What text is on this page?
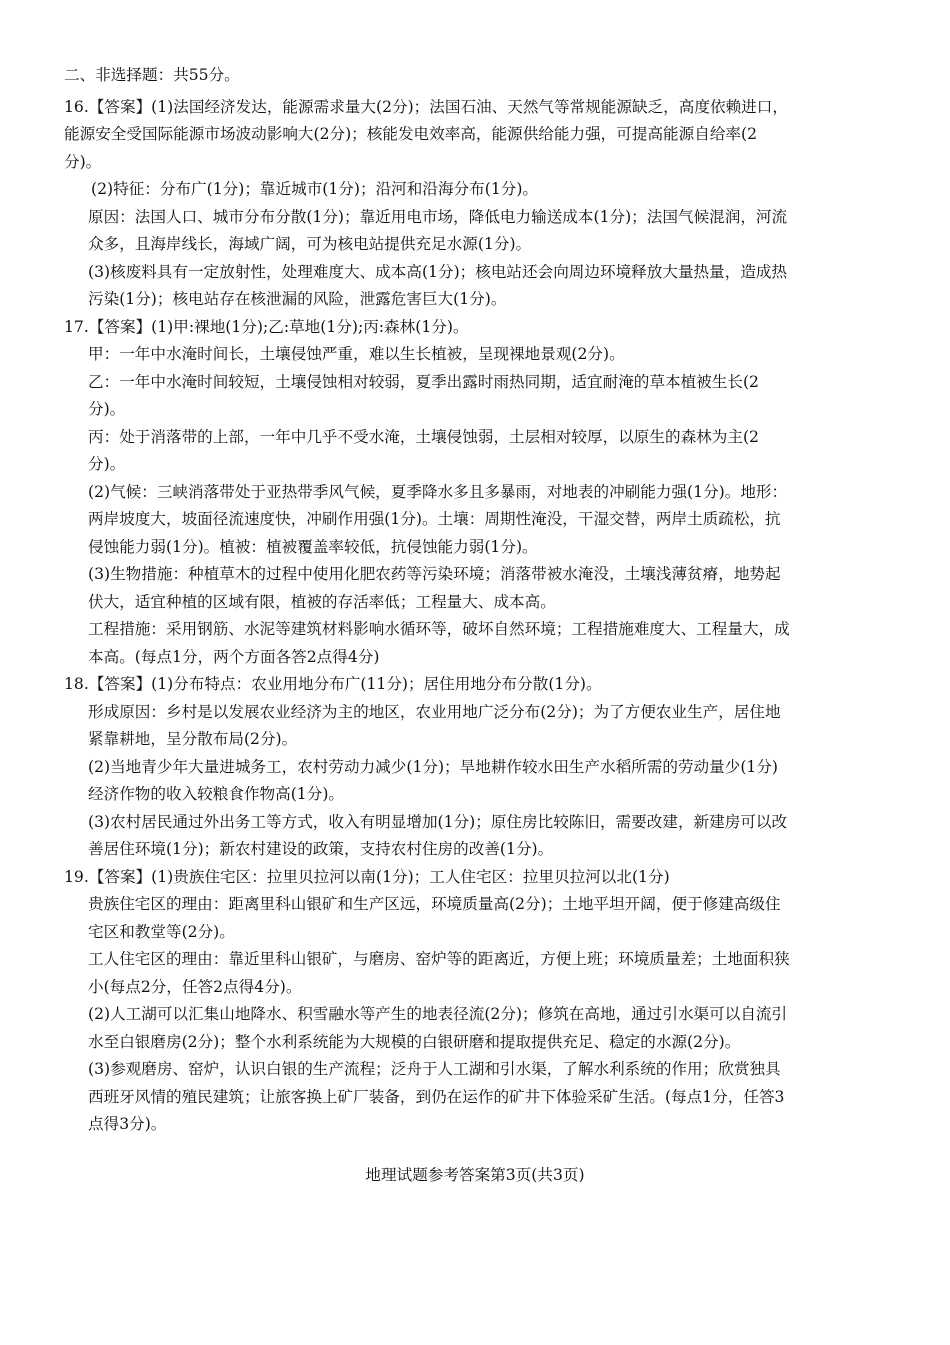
二、非选择题：共55分。
16.【答案】(1)法国经济发达，能源需求量大(2分)；法国石油、天然气等常规能源缺乏，高度依赖进口，
能源安全受国际能源市场波动影响大(2分)；核能发电效率高，能源供给能力强，可提高能源自给率(2
分)。
(2)特征：分布广(1分)；靠近城市(1分)；沿河和沿海分布(1分)。
原因：法国人口、城市分布分散(1分)；靠近用电市场，降低电力输送成本(1分)；法国气候混润，河流
众多，且海岸线长，海域广阔，可为核电站提供充足水源(1分)。
(3)核废料具有一定放射性，处理难度大、成本高(1分)；核电站还会向周边环境释放大量热量，造成热
污染(1分)；核电站存在核泄漏的风险，泄露危害巨大(1分)。
17.【答案】(1)甲:裸地(1分);乙:草地(1分);丙:森林(1分)。
甲：一年中水淹时间长，土壤侵蚀严重，难以生长植被，呈现裸地景观(2分)。
乙：一年中水淹时间较短，土壤侵蚀相对较弱，夏季出露时雨热同期，适宜耐淹的草本植被生长(2
分)。
丙：处于消落带的上部，一年中几乎不受水淹，土壤侵蚀弱，土层相对较厚，以原生的森林为主(2
分)。
(2)气候：三峡消落带处于亚热带季风气候，夏季降水多且多暴雨，对地表的冲刷能力强(1分)。地形：
两岸坡度大，坡面径流速度快，冲刷作用强(1分)。土壤：周期性淹没，干湿交替，两岸土质疏松，抗
侵蚀能力弱(1分)。植被：植被覆盖率较低，抗侵蚀能力弱(1分)。
(3)生物措施：种植草木的过程中使用化肥农药等污染环境；消落带被水淹没，土壤浅薄贫瘠，地势起
伏大，适宜种植的区域有限，植被的存活率低；工程量大、成本高。
工程措施：采用钢筋、水泥等建筑材料影响水循环等，破坏自然环境；工程措施难度大、工程量大，成
本高。(每点1分，两个方面各答2点得4分)
18.【答案】(1)分布特点：农业用地分布广(11分)；居住用地分布分散(1分)。
形成原因：乡村是以发展农业经济为主的地区，农业用地广泛分布(2分)；为了方便农业生产，居住地
紧靠耕地，呈分散布局(2分)。
(2)当地青少年大量进城务工，农村劳动力减少(1分)；旱地耕作较水田生产水稻所需的劳动量少(1分)
经济作物的收入较粮食作物高(1分)。
(3)农村居民通过外出务工等方式，收入有明显增加(1分)；原住房比较陈旧，需要改建，新建房可以改
善居住环境(1分)；新农村建设的政策，支持农村住房的改善(1分)。
19.【答案】(1)贵族住宅区：拉里贝拉河以南(1分)；工人住宅区：拉里贝拉河以北(1分)
贵族住宅区的理由：距离里科山银矿和生产区远，环境质量高(2分)；土地平坦开阔，便于修建高级住
宅区和教堂等(2分)。
工人住宅区的理由：靠近里科山银矿，与磨房、窑炉等的距离近，方便上班；环境质量差；土地面积狭
小(每点2分，任答2点得4分)。
(2)人工湖可以汇集山地降水、积雪融水等产生的地表径流(2分)；修筑在高地，通过引水渠可以自流引
水至白银磨房(2分)；整个水利系统能为大规模的白银研磨和提取提供充足、稳定的水源(2分)。
(3)参观磨房、窑炉，认识白银的生产流程；泛舟于人工湖和引水渠，了解水利系统的作用；欣赏独具
西班牙风情的殖民建筑；让旅客换上矿厂装备，到仍在运作的矿井下体验采矿生活。(每点1分，任答3
点得3分)。
地理试题参考答案第3页(共3页)
